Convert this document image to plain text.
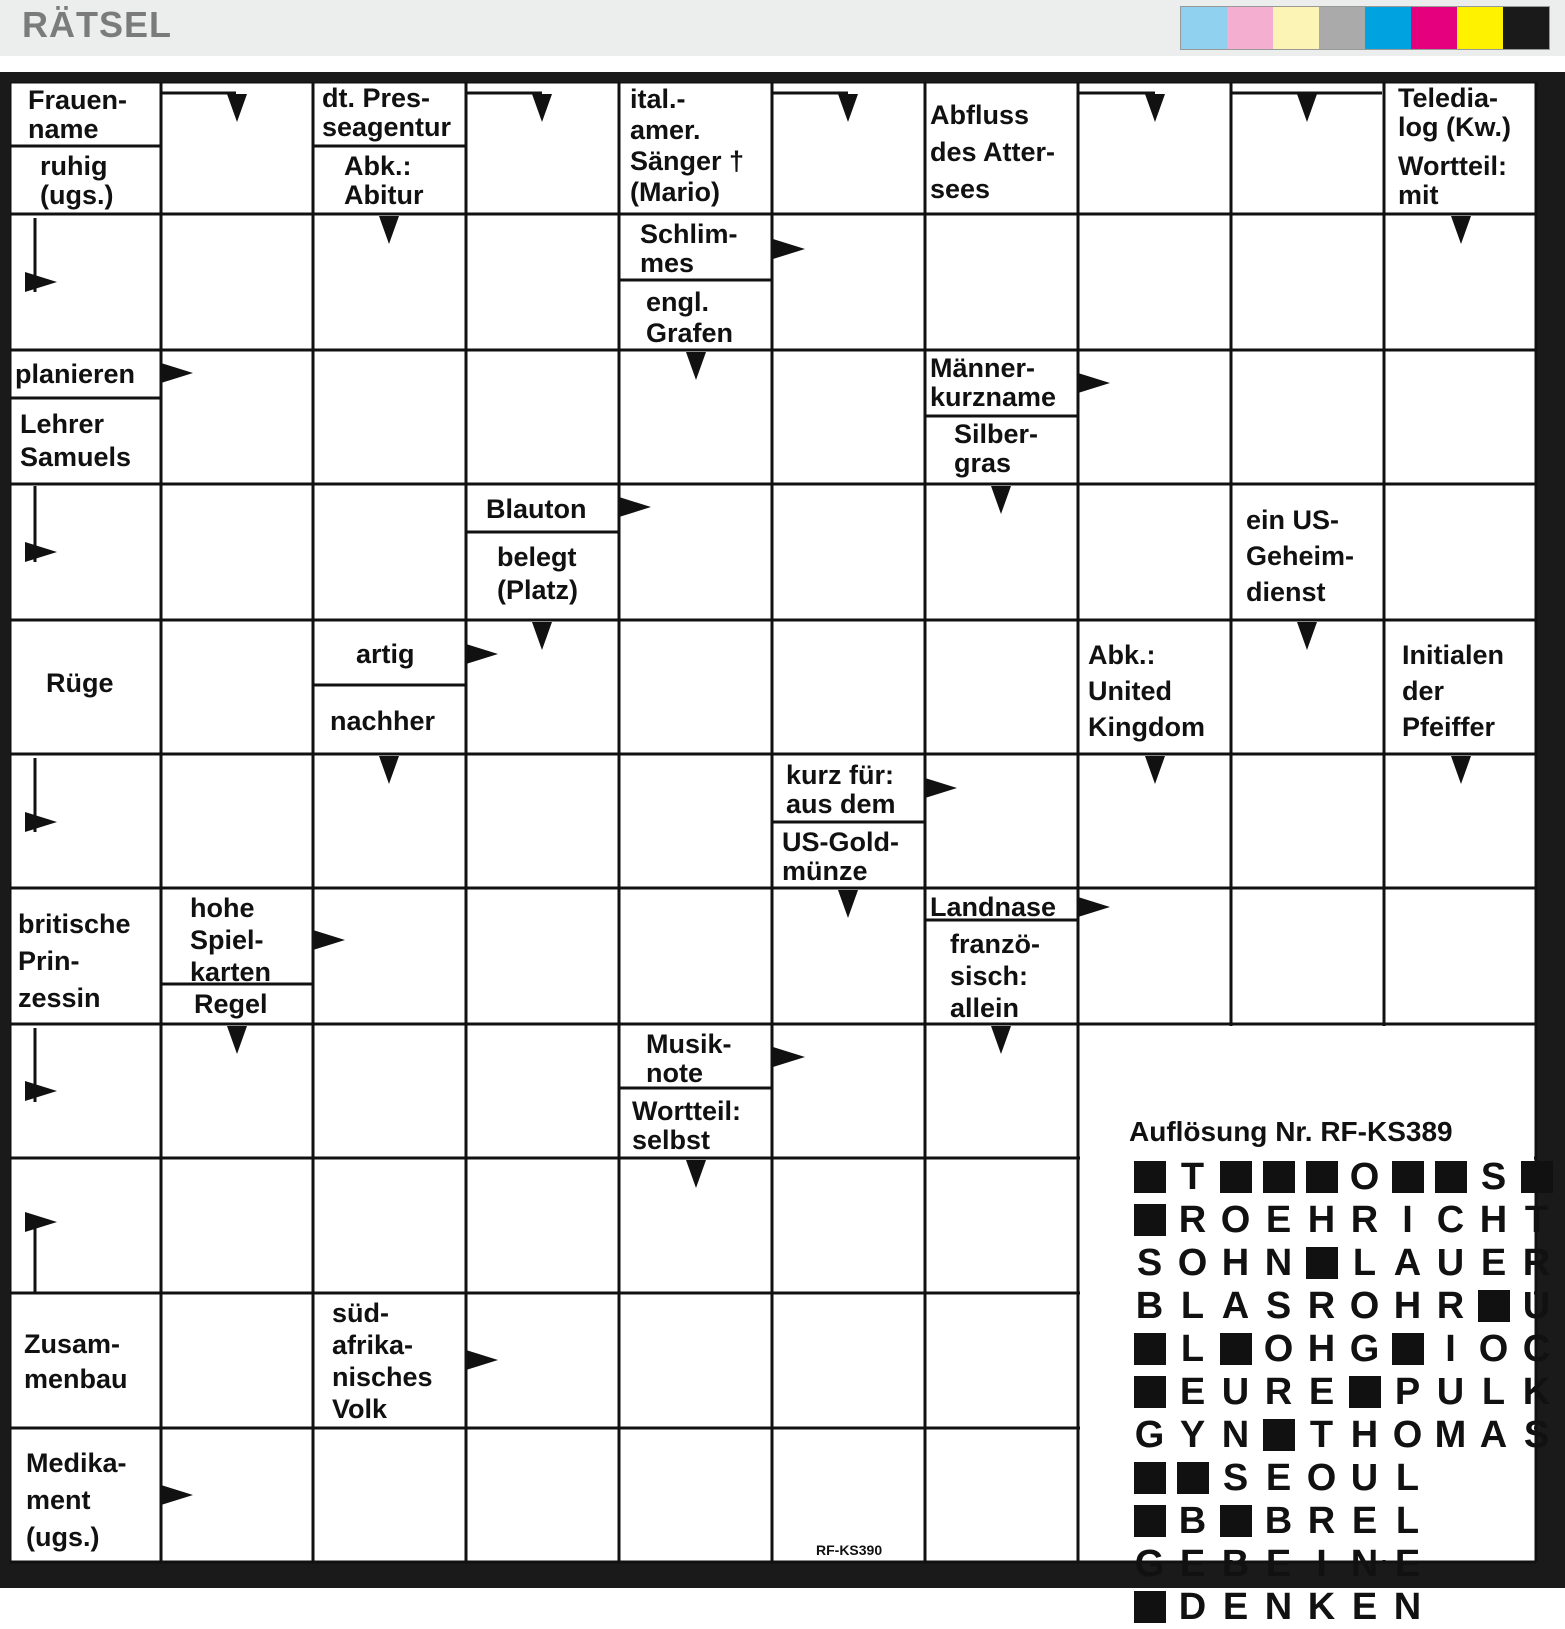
RÄTSEL
Frauen-
name
ruhig
(ugs.)
dt. Pres-
seagentur
Abk.:
Abitur
ital.-
amer.
Sänger †
(Mario)
Abfluss
des Atter-
sees
Teledia-
log (Kw.)
Wortteil:
mit
Schlim-
mes
engl.
Grafen
planieren
Lehrer
Samuels
Männer-
kurzname
Silber-
gras
Blauton
belegt
(Platz)
ein US-
Geheim-
dienst
Rüge
artig
nachher
Abk.:
United
Kingdom
Initialen
der
Pfeiffer
kurz für:
aus dem
US-Gold-
münze
britische
Prin-
zessin
hohe
Spiel-
karten
Regel
Landnase
franzö-
sisch:
allein
Musik-
note
Wortteil:
selbst
Zusam-
menbau
süd-
afrika-
nisches
Volk
Medika-
ment
(ugs.)	RF-KS390
Auflösung Nr. RF-KS389
T	O	S
R O E H R I C H T
S O H N L A U E R
B L A S R O H R U
L O H G	I O C
E U R E P U L K
G Y N T H O M A S
S E O U L
B B R E L
G E B E I N E
D E N K E N
